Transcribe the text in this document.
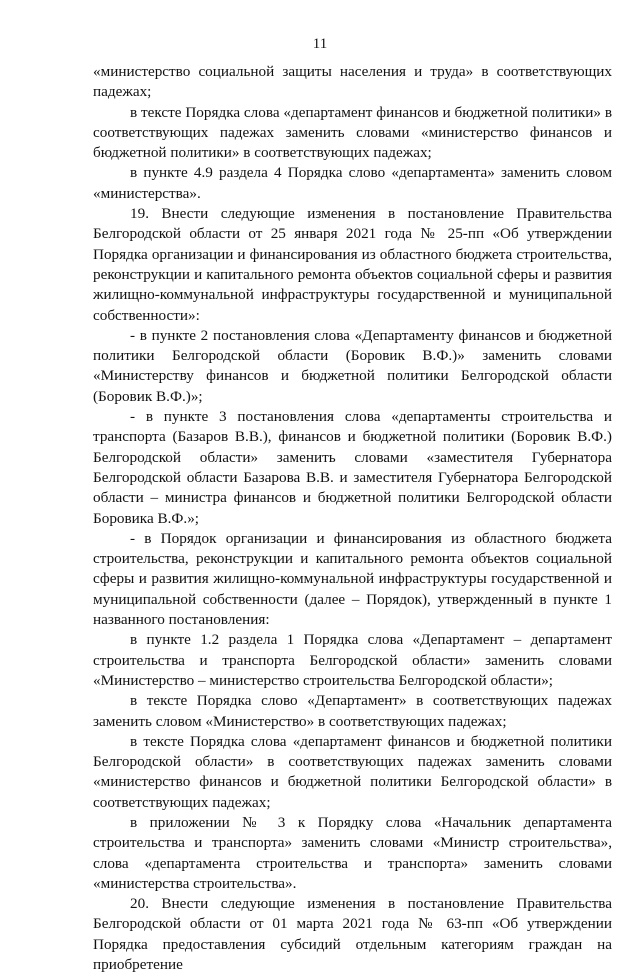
11

«министерство социальной защиты населения и труда» в соответствующих падежах;

в тексте Порядка слова «департамент финансов и бюджетной политики» в соответствующих падежах заменить словами «министерство финансов и бюджетной политики» в соответствующих падежах;

в пункте 4.9 раздела 4 Порядка слово «департамента» заменить словом «министерства».

19. Внести следующие изменения в постановление Правительства Белгородской области от 25 января 2021 года № 25-пп «Об утверждении Порядка организации и финансирования из областного бюджета строительства, реконструкции и капитального ремонта объектов социальной сферы и развития жилищно-коммунальной инфраструктуры государственной и муниципальной собственности»:

- в пункте 2 постановления слова «Департаменту финансов и бюджетной политики Белгородской области (Боровик В.Ф.)» заменить словами «Министерству финансов и бюджетной политики Белгородской области (Боровик В.Ф.)»;

- в пункте 3 постановления слова «департаменты строительства и транспорта (Базаров В.В.), финансов и бюджетной политики (Боровик В.Ф.) Белгородской области» заменить словами «заместителя Губернатора Белгородской области Базарова В.В. и заместителя Губернатора Белгородской области – министра финансов и бюджетной политики Белгородской области Боровика В.Ф.»;

- в Порядок организации и финансирования из областного бюджета строительства, реконструкции и капитального ремонта объектов социальной сферы и развития жилищно-коммунальной инфраструктуры государственной и муниципальной собственности (далее – Порядок), утвержденный в пункте 1 названного постановления:

в пункте 1.2 раздела 1 Порядка слова «Департамент – департамент строительства и транспорта Белгородской области» заменить словами «Министерство – министерство строительства Белгородской области»;

в тексте Порядка слово «Департамент» в соответствующих падежах заменить словом «Министерство» в соответствующих падежах;

в тексте Порядка слова «департамент финансов и бюджетной политики Белгородской области» в соответствующих падежах заменить словами «министерство финансов и бюджетной политики Белгородской области» в соответствующих падежах;

в приложении № 3 к Порядку слова «Начальник департамента строительства и транспорта» заменить словами «Министр строительства», слова «департамента строительства и транспорта» заменить словами «министерства строительства».

20. Внести следующие изменения в постановление Правительства Белгородской области от 01 марта 2021 года № 63-пп «Об утверждении Порядка предоставления субсидий отдельным категориям граждан на приобретение
